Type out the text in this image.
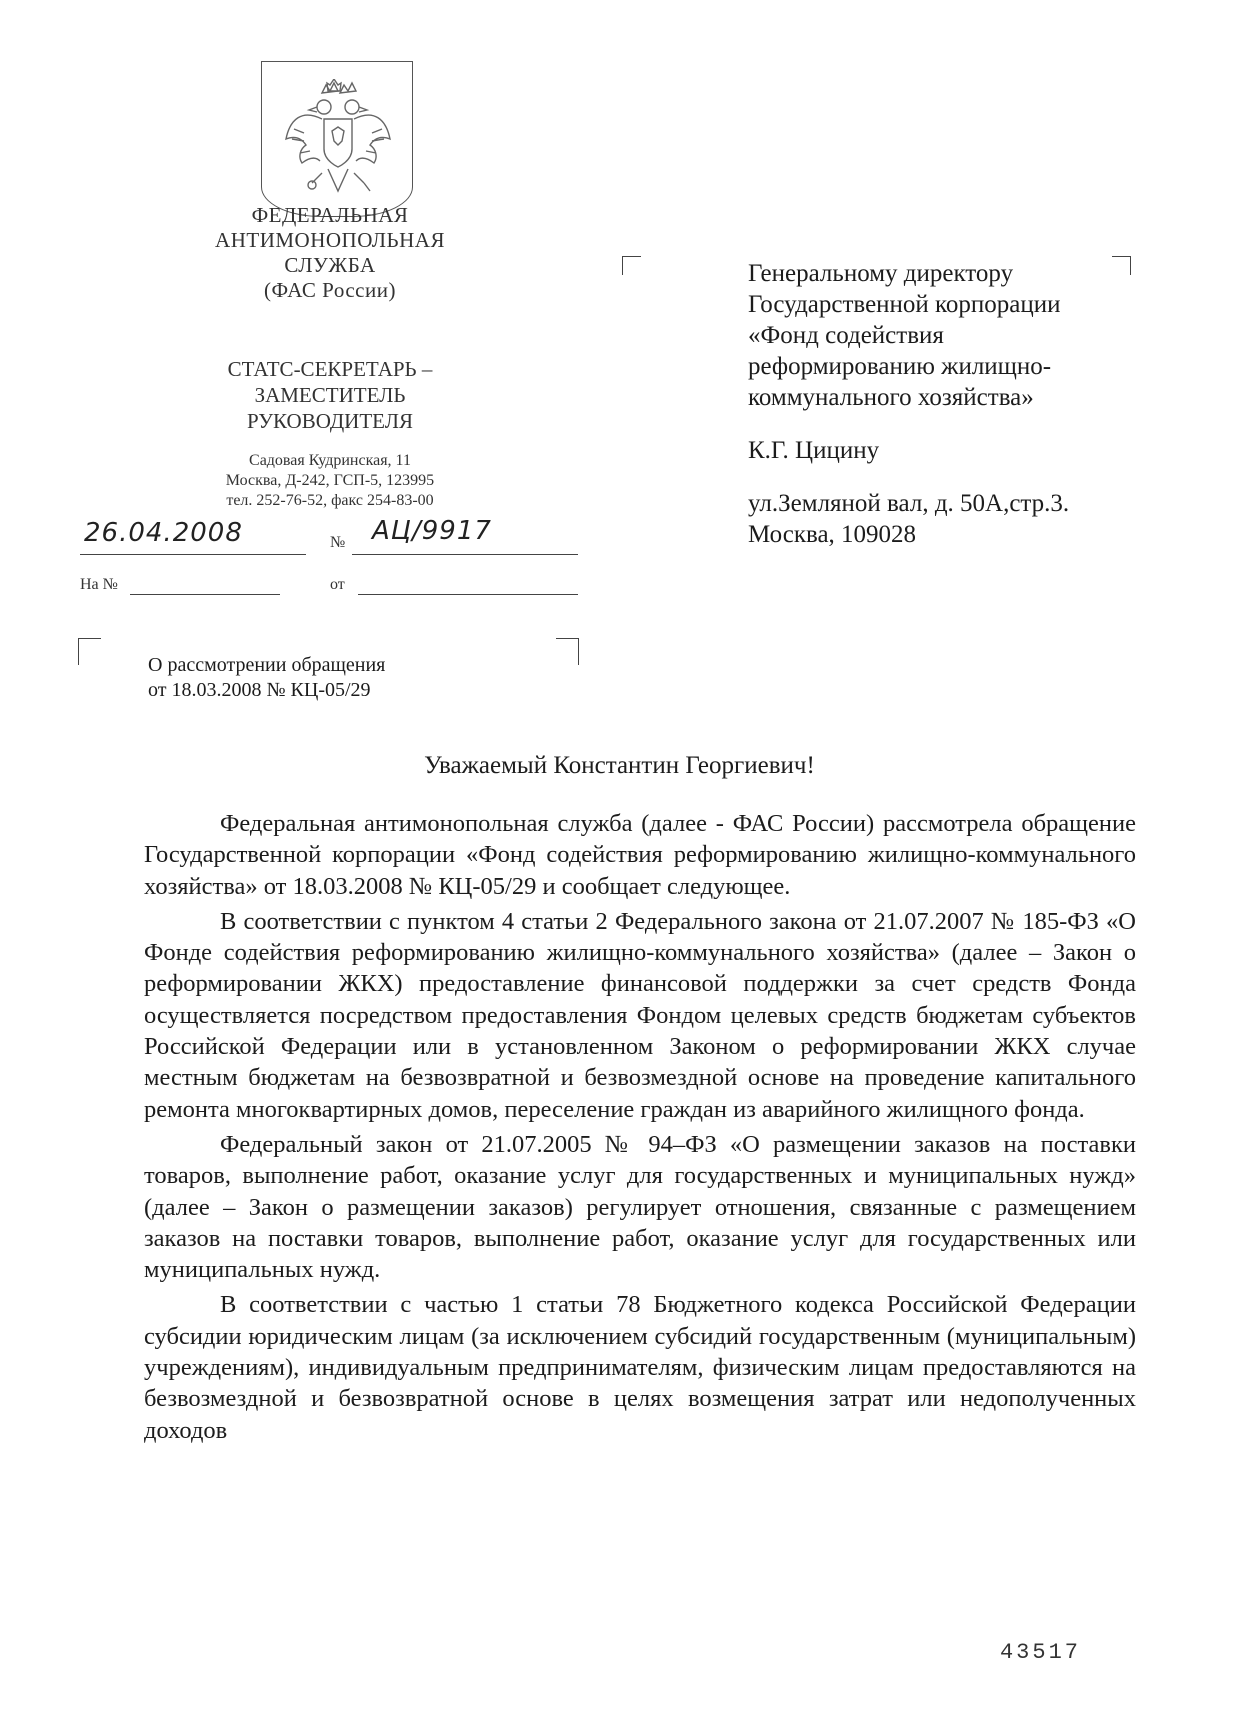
ФЕДЕРАЛЬНАЯ
АНТИМОНОПОЛЬНАЯ
СЛУЖБА
(ФАС России)
СТАТС-СЕКРЕТАРЬ –
ЗАМЕСТИТЕЛЬ
РУКОВОДИТЕЛЯ
Садовая Кудринская, 11
Москва, Д-242, ГСП-5, 123995
тел. 252-76-52, факс 254-83-00
26.04.2008	№ АЦ/9917
На №	от

Генеральному директору

Государственной корпорации

«Фонд содействия

реформированию жилищно-

коммунального хозяйства»

К.Г. Цицину

ул.Земляной вал, д. 50А,стр.3.

Москва, 109028

О рассмотрении обращения
от 18.03.2008 № КЦ-05/29
Уважаемый Константин Георгиевич!

Федеральная антимонопольная служба (далее - ФАС России) рассмотрела обращение Государственной корпорации «Фонд содействия реформированию жилищно-коммунального хозяйства» от 18.03.2008 № КЦ-05/29 и сообщает следующее.

В соответствии с пунктом 4 статьи 2 Федерального закона от 21.07.2007 № 185-ФЗ «О Фонде содействия реформированию жилищно-коммунального хозяйства» (далее – Закон о реформировании ЖКХ) предоставление финансовой поддержки за счет средств Фонда осуществляется посредством предоставления Фондом целевых средств бюджетам субъектов Российской Федерации или в установленном Законом о реформировании ЖКХ случае местным бюджетам на безвозвратной и безвозмездной основе на проведение капитального ремонта многоквартирных домов, переселение граждан из аварийного жилищного фонда.

Федеральный закон от 21.07.2005 № 94–ФЗ «О размещении заказов на поставки товаров, выполнение работ, оказание услуг для государственных и муниципальных нужд» (далее – Закон о размещении заказов) регулирует отношения, связанные с размещением заказов на поставки товаров, выполнение работ, оказание услуг для государственных или муниципальных нужд.

В соответствии с частью 1 статьи 78 Бюджетного кодекса Российской Федерации субсидии юридическим лицам (за исключением субсидий государственным (муниципальным) учреждениям), индивидуальным предпринимателям, физическим лицам предоставляются на безвозмездной и безвозвратной основе в целях возмещения затрат или недополученных доходов

43517
